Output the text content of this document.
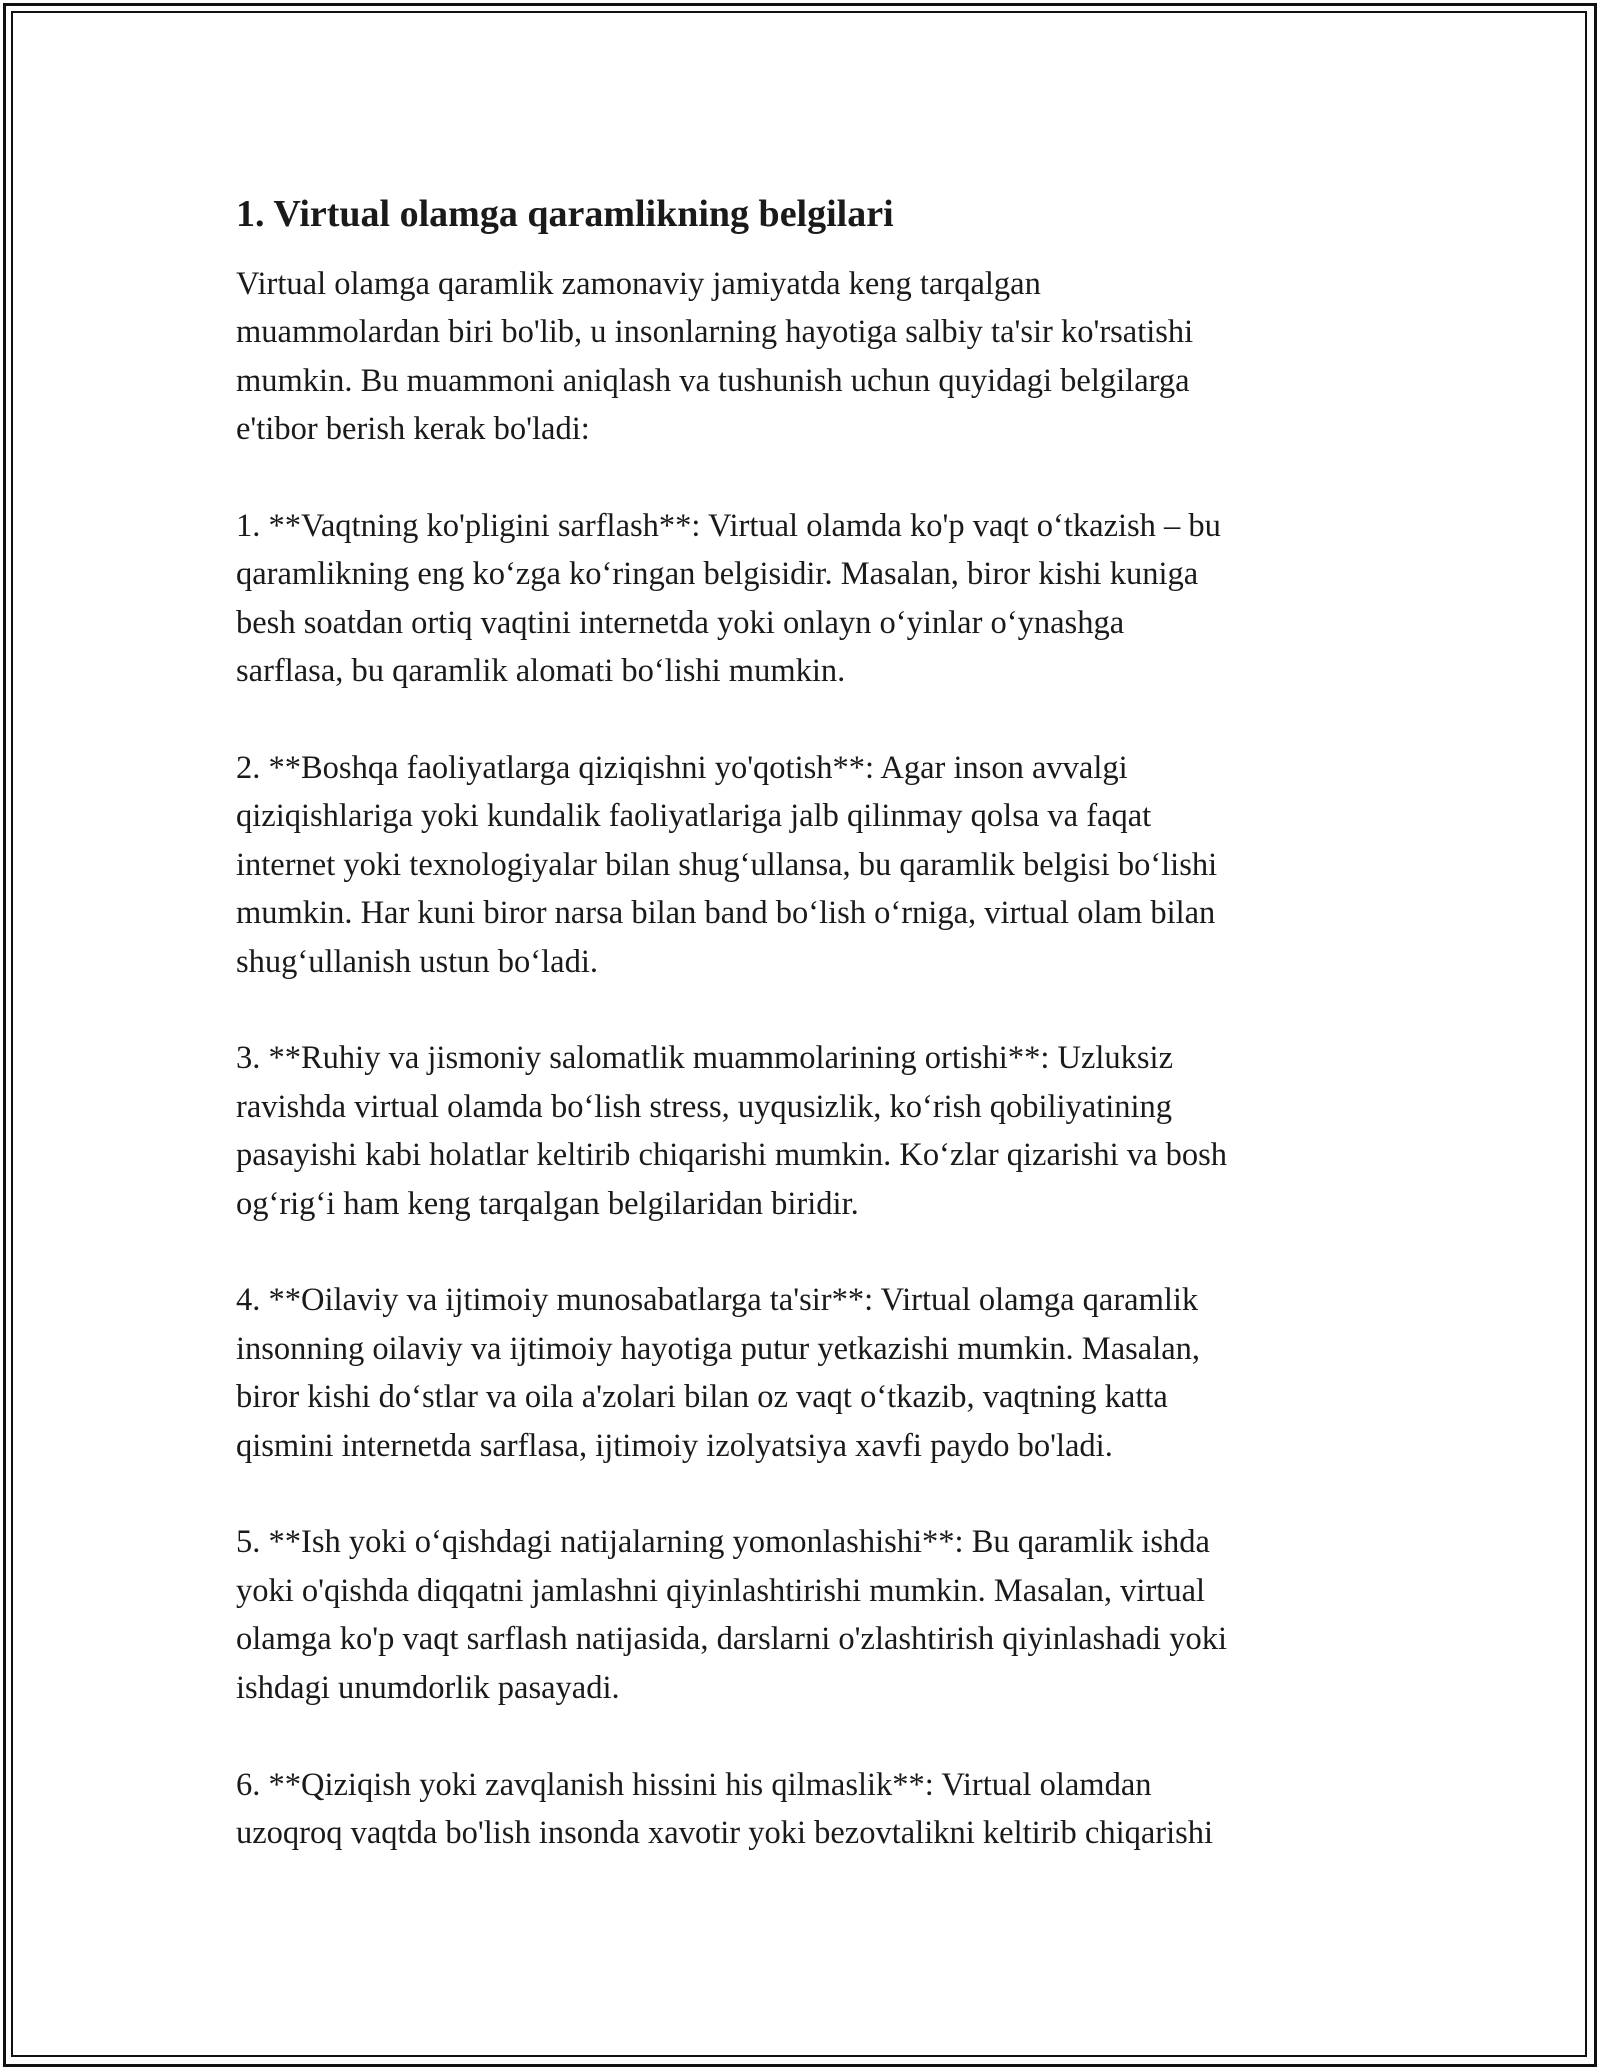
1. Virtual olamga qaramlikning belgilari

Virtual olamga qaramlik zamonaviy jamiyatda keng tarqalgan
muammolardan biri bo'lib, u insonlarning hayotiga salbiy ta'sir ko'rsatishi
mumkin. Bu muammoni aniqlash va tushunish uchun quyidagi belgilarga
e'tibor berish kerak bo'ladi:

1. **Vaqtning ko'pligini sarflash**: Virtual olamda ko'p vaqt o‘tkazish – bu
qaramlikning eng ko‘zga ko‘ringan belgisidir. Masalan, biror kishi kuniga
besh soatdan ortiq vaqtini internetda yoki onlayn o‘yinlar o‘ynashga
sarflasa, bu qaramlik alomati bo‘lishi mumkin.

2. **Boshqa faoliyatlarga qiziqishni yo'qotish**: Agar inson avvalgi
qiziqishlariga yoki kundalik faoliyatlariga jalb qilinmay qolsa va faqat
internet yoki texnologiyalar bilan shug‘ullansa, bu qaramlik belgisi bo‘lishi
mumkin. Har kuni biror narsa bilan band bo‘lish o‘rniga, virtual olam bilan
shug‘ullanish ustun bo‘ladi.

3. **Ruhiy va jismoniy salomatlik muammolarining ortishi**: Uzluksiz
ravishda virtual olamda bo‘lish stress, uyqusizlik, ko‘rish qobiliyatining
pasayishi kabi holatlar keltirib chiqarishi mumkin. Ko‘zlar qizarishi va bosh
og‘rig‘i ham keng tarqalgan belgilaridan biridir.

4. **Oilaviy va ijtimoiy munosabatlarga ta'sir**: Virtual olamga qaramlik
insonning oilaviy va ijtimoiy hayotiga putur yetkazishi mumkin. Masalan,
biror kishi do‘stlar va oila a'zolari bilan oz vaqt o‘tkazib, vaqtning katta
qismini internetda sarflasa, ijtimoiy izolyatsiya xavfi paydo bo'ladi.

5. **Ish yoki o‘qishdagi natijalarning yomonlashishi**: Bu qaramlik ishda
yoki o'qishda diqqatni jamlashni qiyinlashtirishi mumkin. Masalan, virtual
olamga ko'p vaqt sarflash natijasida, darslarni o'zlashtirish qiyinlashadi yoki
ishdagi unumdorlik pasayadi.

6. **Qiziqish yoki zavqlanish hissini his qilmaslik**: Virtual olamdan
uzoqroq vaqtda bo'lish insonda xavotir yoki bezovtalikni keltirib chiqarishi
